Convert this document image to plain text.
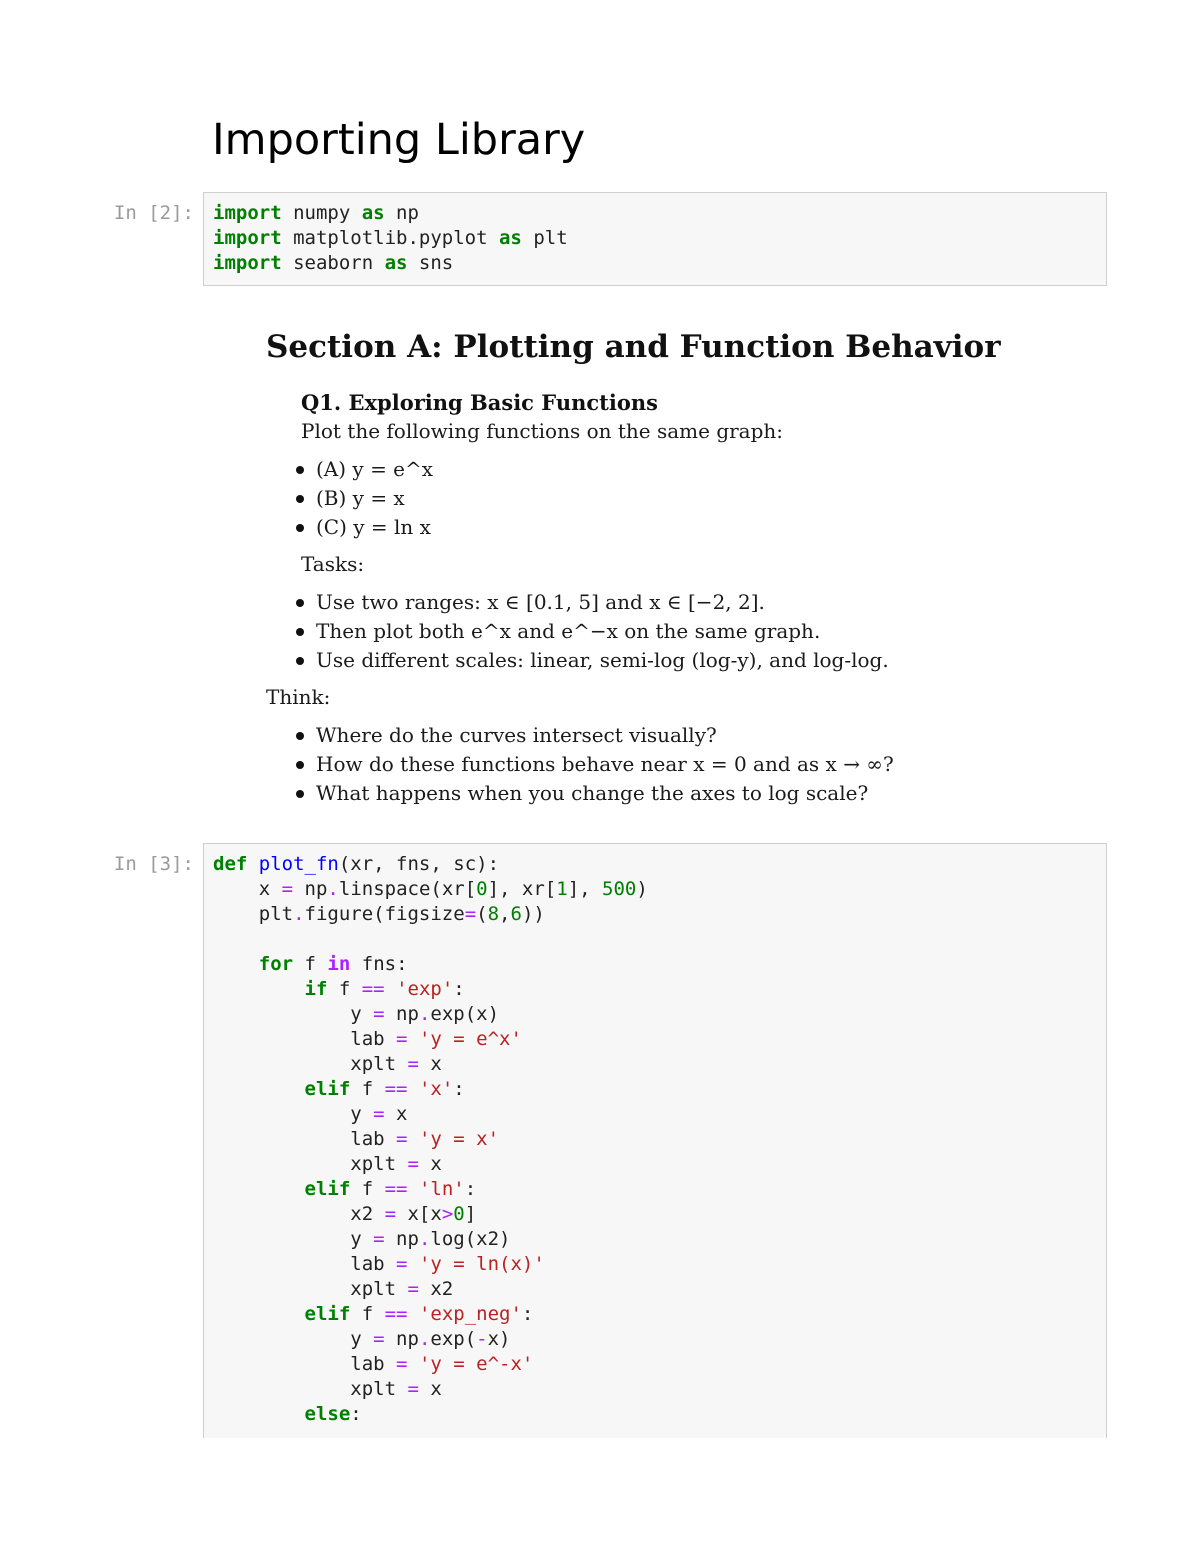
Importing Library
In [2]: import numpy as np
import matplotlib.pyplot as plt
import seaborn as sns
Section A: Plotting and Function Behavior
Q1. Exploring Basic Functions

Plot the following functions on the same graph:

(A) y = e^x
(B) y = x
(C) y = ln x

Tasks:

Use two ranges: x ∈ [0.1, 5] and x ∈ [−2, 2].
Then plot both e^x and e^−x on the same graph.
Use different scales: linear, semi-log (log-y), and log-log.

Think:

Where do the curves intersect visually?
How do these functions behave near x = 0 and as x → ∞?
What happens when you change the axes to log scale?
In [3]: def plot_fn(xr, fns, sc):
x = np.linspace(xr[0], xr[1], 500)
plt.figure(figsize=(8,6))

for f in fns:
if f == 'exp':
y = np.exp(x)
lab = 'y = e^x'
xplt = x
elif f == 'x':
y = x
lab = 'y = x'
xplt = x
elif f == 'ln':
x2 = x[x>0]
y = np.log(x2)
lab = 'y = ln(x)'
xplt = x2
elif f == 'exp_neg':
y = np.exp(-x)
lab = 'y = e^-x'
xplt = x
else:
